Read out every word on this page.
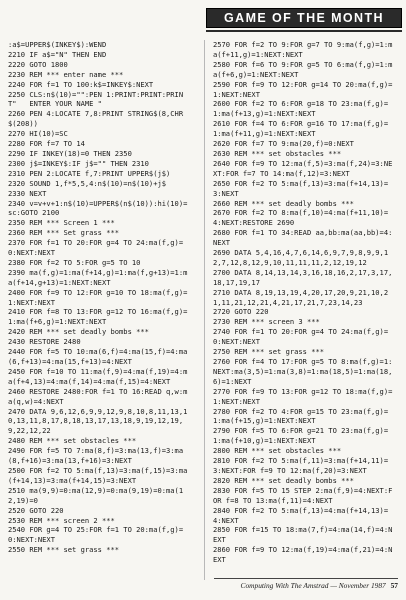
GAME OF THE MONTH
:a$=UPPER$(INKEY$):WEND
2210 IF a$="N" THEN END
2220 GOTO 1800
2230 REM *** enter name ***
2240 FOR f=1 TO 100:k$=INKEY$:NEXT
2250 CLS:n$(10)="":PEN 1:PRINT:PRINT:PRINT"   ENTER YOUR NAME "
2260 PEN 4:LOCATE 7,8:PRINT STRING$(8,CHR$(208))
2270 HI(10)=SC
2280 FOR f=7 TO 14
2290 IF INKEY(18)=0 THEN 2350
2300 j$=INKEY$:IF j$="" THEN 2310
2310 PEN 2:LOCATE f,7:PRINT UPPER$(j$)
2320 SOUND 1,f*5,5,4:n$(10)=n$(10)+j$
2330 NEXT
2340 v=v+v+1:n$(10)=UPPER$(n$(10)):hi(10)=sc:GOTO 2100
2350 REM *** Screen 1 ***
2360 REM *** Set grass ***
2370 FOR f=1 TO 20:FOR g=4 TO 24:ma(f,g)=0:NEXT:NEXT
2380 FOR f=2 TO 5:FOR g=5 TO 10
2390 ma(f,g)=1:ma(f+14,g)=1:ma(f,g+13)=1:ma(f+14,g+13)=1:NEXT:NEXT
2400 FOR f=9 TO 12:FOR g=10 TO 18:ma(f,g)=1:NEXT:NEXT
2410 FOR f=8 TO 13:FOR g=12 TO 16:ma(f,g)=1:ma(f+6,g)=1:NEXT:NEXT
2420 REM *** set deadly bombs ***
2430 RESTORE 2480
2440 FOR f=5 TO 10:ma(6,f)=4:ma(15,f)=4:ma(6,f+13)=4:ma(15,f+13)=4:NEXT
2450 FOR f=10 TO 11:ma(f,9)=4:ma(f,19)=4:ma(f+4,13)=4:ma(f,14)=4:ma(f,15)=4:NEXT
2460 RESTORE 2480:FOR f=1 TO 16:READ q,w:ma(q,w)=4:NEXT
2470 DATA 9,6,12,6,9,9,12,9,8,10,8,11,13,10,13,11,8,17,8,18,13,17,13,18,9,19,12,19,9,22,12,22
2480 REM *** set obstacles ***
2490 FOR f=5 TO 7:ma(8,f)=3:ma(13,f)=3:ma(8,f+16)=3:ma(13,f+16)=3:NEXT
2500 FOR f=2 TO 5:ma(f,13)=3:ma(f,15)=3:ma(f+14,13)=3:ma(f+14,15)=3:NEXT
2510 ma(9,9)=0:ma(12,9)=0:ma(9,19)=0:ma(12,19)=0
2520 GOTO 220
2530 REM *** screen 2 ***
2540 FOR g=4 TO 25:FOR f=1 TO 20:ma(f,g)=0:NEXT:NEXT
2550 REM *** set grass ***
2570 FOR f=2 TO 9:FOR g=7 TO 9:ma(f,g)=1:ma(f+11,g)=1:NEXT:NEXT
2580 FOR f=6 TO 9:FOR g=5 TO 6:ma(f,g)=1:ma(f+6,g)=1:NEXT:NEXT
2590 FOR f=9 TO 12:FOR g=14 TO 20:ma(f,g)=1:NEXT:NEXT
2600 FOR f=2 TO 6:FOR g=18 TO 23:ma(f,g)=1:ma(f+13,g)=1:NEXT:NEXT
2610 FOR f=4 TO 6:FOR g=16 TO 17:ma(f,g)=1:ma(f+11,g)=1:NEXT:NEXT
2620 FOR f=7 TO 9:ma(20,f)=0:NEXT
2630 REM *** set obstacles ***
2640 FOR f=9 TO 12:ma(f,5)=3:ma(f,24)=3:NEXT:FOR f=7 TO 14:ma(f,12)=3:NEXT
2650 FOR f=2 TO 5:ma(f,13)=3:ma(f+14,13)=3:NEXT
2660 REM *** set deadly bombs ***
2670 FOR f=2 TO 8:ma(f,10)=4:ma(f+11,10)=4:NEXT:RESTORE 2690
2680 FOR f=1 TO 34:READ aa,bb:ma(aa,bb)=4:NEXT
2690 DATA 5,4,16,4,7,6,14,6,9,7,9,8,9,9,12,7,12,8,12,9,10,11,11,11,2,12,19,12
2700 DATA 8,14,13,14,3,16,18,16,2,17,3,17,18,17,19,17
2710 DATA 8,19,13,19,4,20,17,20,9,21,10,21,11,21,12,21,4,21,17,21,7,23,14,23
2720 GOTO 220
2730 REM *** screen 3 ***
2740 FOR f=1 TO 20:FOR g=4 TO 24:ma(f,g)=0:NEXT:NEXT
2750 REM *** set grass ***
2760 FOR f=4 TO 17:FOR g=5 TO 8:ma(f,g)=1:NEXT:ma(3,5)=1:ma(3,8)=1:ma(18,5)=1:ma(18,6)=1:NEXT
2770 FOR f=9 TO 13:FOR g=12 TO 18:ma(f,g)=1:NEXT:NEXT
2780 FOR f=2 TO 4:FOR g=15 TO 23:ma(f,g)=1:ma(f+15,g)=1:NEXT:NEXT
2790 FOR f=5 TO 6:FOR g=21 TO 23:ma(f,g)=1:ma(f+10,g)=1:NEXT:NEXT
2800 REM *** set obstacles ***
2810 FOR f=2 TO 5:ma(f,11)=3:ma(f+14,11)=3:NEXT:FOR f=9 TO 12:ma(f,20)=3:NEXT
2820 REM *** set deadly bombs ***
2830 FOR f=5 TO 15 STEP 2:ma(f,9)=4:NEXT:FOR f=8 TO 13:ma(f,11)=4:NEXT
2840 FOR f=2 TO 5:ma(f,13)=4:ma(f+14,13)=4:NEXT
2850 FOR f=15 TO 18:ma(7,f)=4:ma(14,f)=4:NEXT
2860 FOR f=9 TO 12:ma(f,19)=4:ma(f,21)=4:NEXT
Computing With The Amstrad — November 1987 57
